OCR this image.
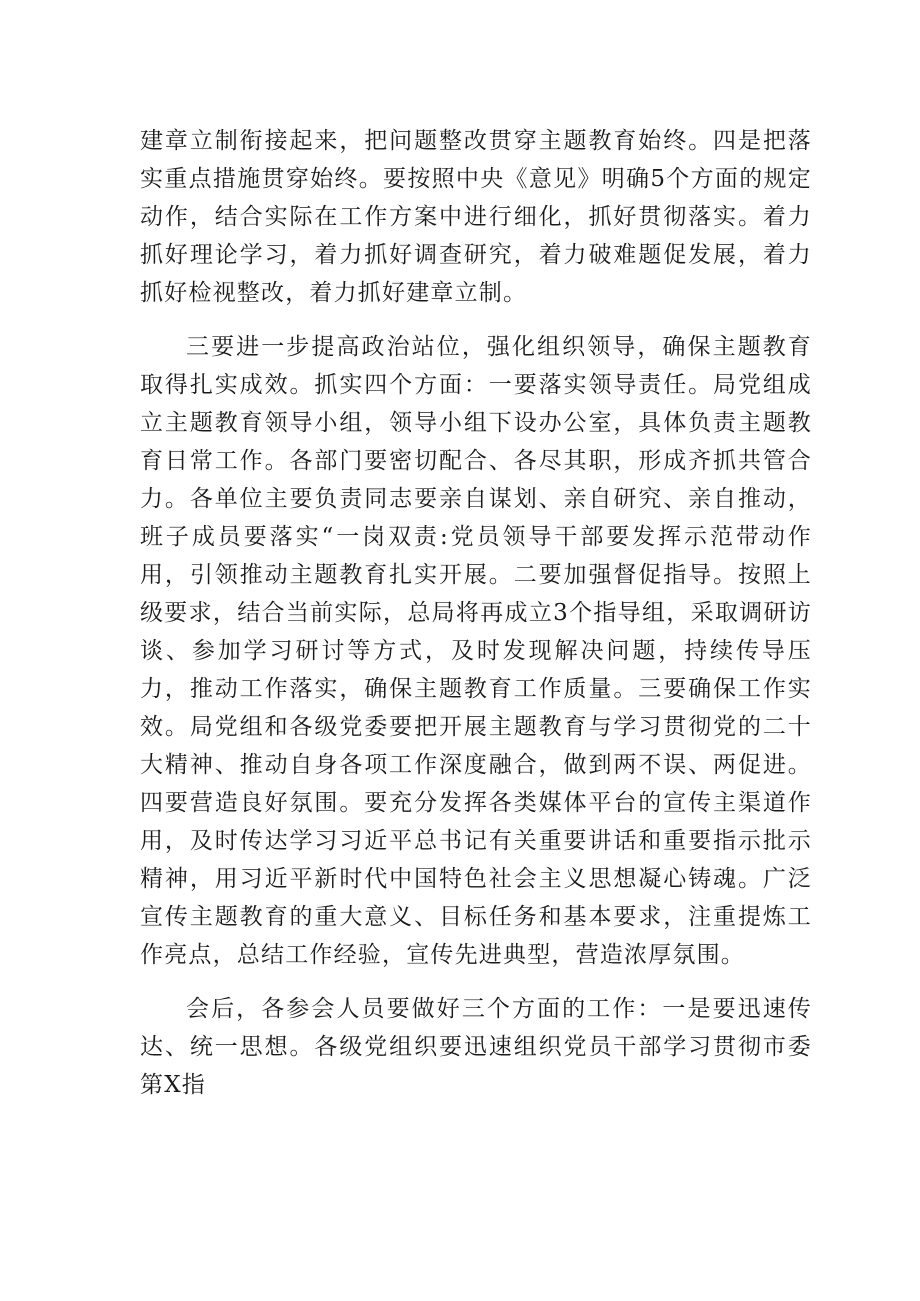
建章立制衔接起来，把问题整改贯穿主题教育始终。四是把落实重点措施贯穿始终。要按照中央《意见》明确5个方面的规定动作，结合实际在工作方案中进行细化，抓好贯彻落实。着力抓好理论学习，着力抓好调查研究，着力破难题促发展，着力抓好检视整改，着力抓好建章立制。

三要进一步提高政治站位，强化组织领导，确保主题教育取得扎实成效。抓实四个方面：一要落实领导责任。局党组成立主题教育领导小组，领导小组下设办公室，具体负责主题教育日常工作。各部门要密切配合、各尽其职，形成齐抓共管合力。各单位主要负责同志要亲自谋划、亲自研究、亲自推动，班子成员要落实“一岗双责:党员领导干部要发挥示范带动作用，引领推动主题教育扎实开展。二要加强督促指导。按照上级要求，结合当前实际，总局将再成立3个指导组，采取调研访谈、参加学习研讨等方式，及时发现解决问题，持续传导压力，推动工作落实，确保主题教育工作质量。三要确保工作实效。局党组和各级党委要把开展主题教育与学习贯彻党的二十大精神、推动自身各项工作深度融合，做到两不误、两促进。四要营造良好氛围。要充分发挥各类媒体平台的宣传主渠道作用，及时传达学习习近平总书记有关重要讲话和重要指示批示精神，用习近平新时代中国特色社会主义思想凝心铸魂。广泛宣传主题教育的重大意义、目标任务和基本要求，注重提炼工作亮点，总结工作经验，宣传先进典型，营造浓厚氛围。

会后，各参会人员要做好三个方面的工作：一是要迅速传达、统一思想。各级党组织要迅速组织党员干部学习贯彻市委第X指
